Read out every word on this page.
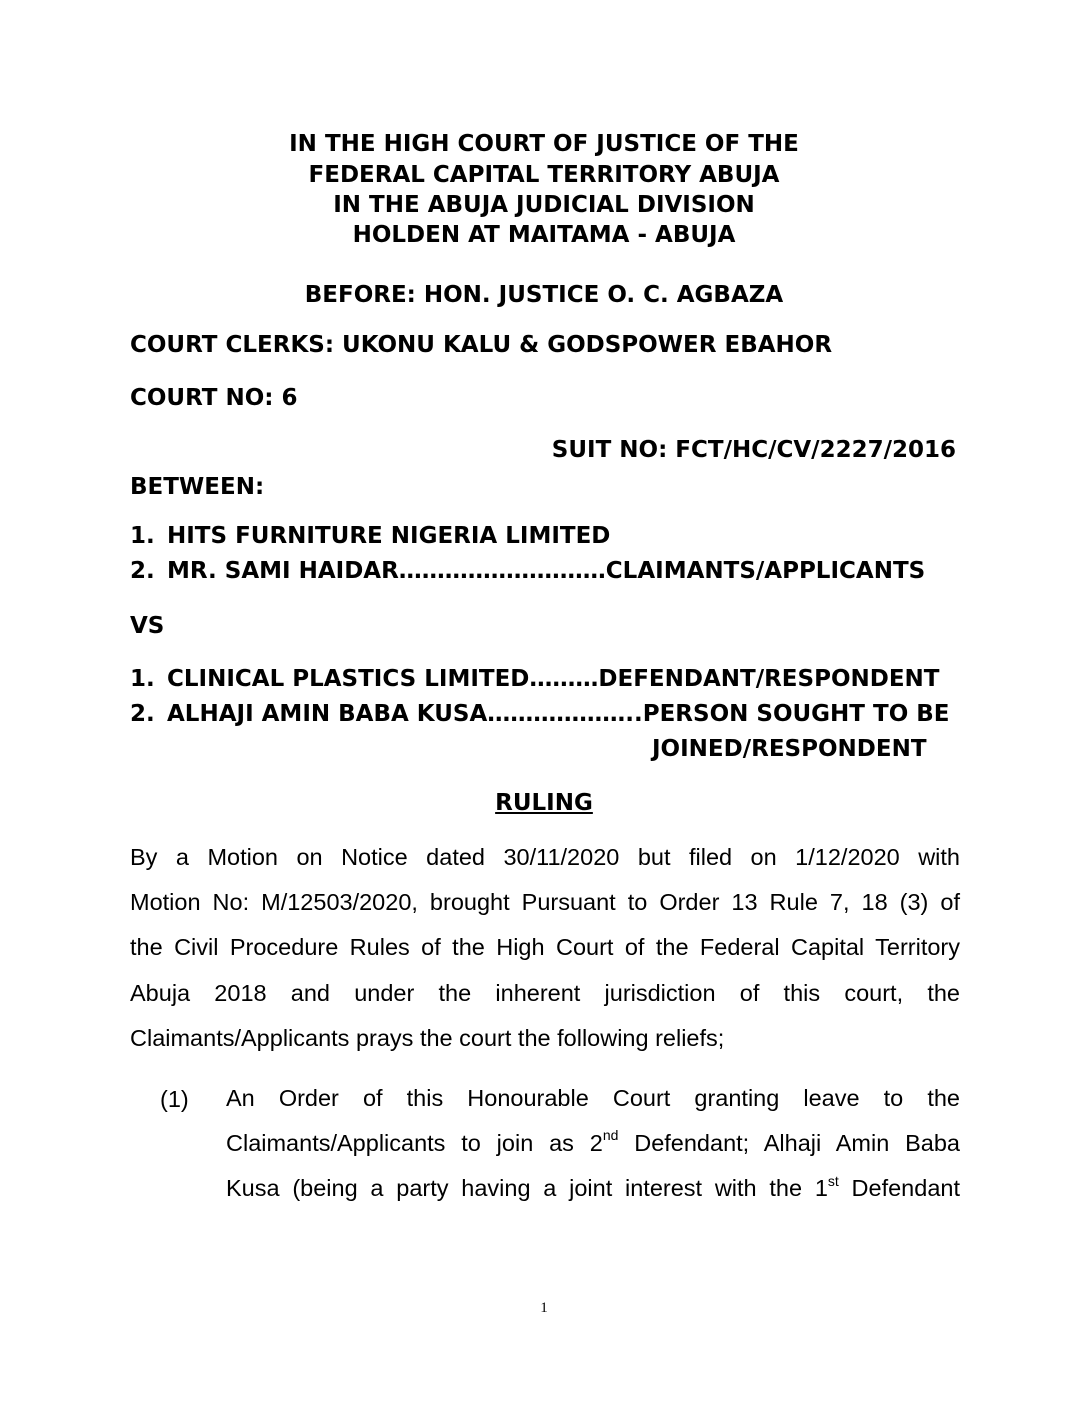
IN THE HIGH COURT OF JUSTICE OF THE
FEDERAL CAPITAL TERRITORY ABUJA
IN THE ABUJA JUDICIAL DIVISION
HOLDEN AT MAITAMA - ABUJA
BEFORE: HON. JUSTICE O. C. AGBAZA
COURT CLERKS: UKONU KALU & GODSPOWER EBAHOR
COURT NO: 6
SUIT NO: FCT/HC/CV/2227/2016
BETWEEN:
1. HITS FURNITURE NIGERIA LIMITED
2. MR. SAMI HAIDAR………………………CLAIMANTS/APPLICANTS
VS
1. CLINICAL PLASTICS LIMITED………DEFENDANT/RESPONDENT
2. ALHAJI AMIN BABA KUSA………………..PERSON SOUGHT TO BE
JOINED/RESPONDENT
RULING
By a Motion on Notice dated 30/11/2020 but filed on 1/12/2020 with
Motion No: M/12503/2020, brought Pursuant to Order 13 Rule 7, 18 (3) of
the Civil Procedure Rules of the High Court of the Federal Capital Territory
Abuja 2018 and under the inherent jurisdiction of this court, the
Claimants/Applicants prays the court the following reliefs;
(1) An Order of this Honourable Court granting leave to the
Claimants/Applicants to join as 2nd Defendant; Alhaji Amin Baba
Kusa (being a party having a joint interest with the 1st Defendant
1
